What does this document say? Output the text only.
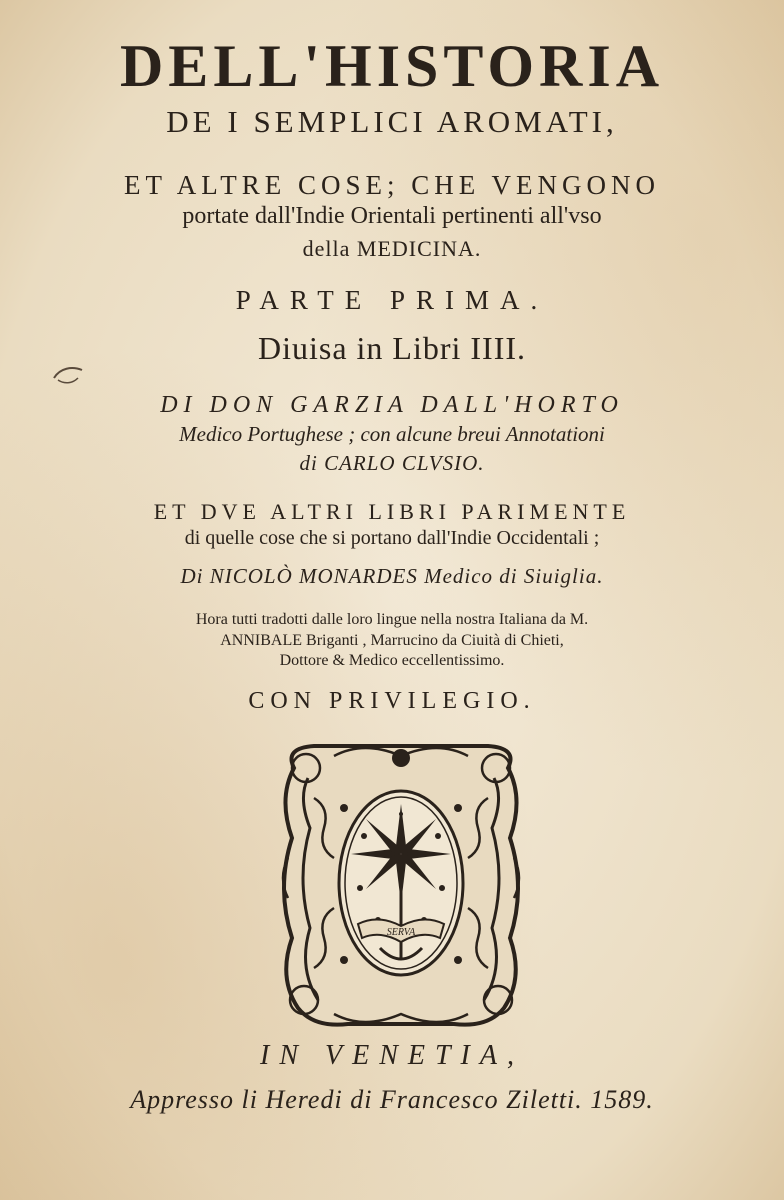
DELL'HISTORIA
DE I SEMPLICI AROMATI,
ET ALTRE COSE; CHE VENGONO
portate dall'Indie Orientali pertinenti all'vso
della MEDICINA.
PARTE PRIMA.
Diuisa in Libri IIII.
DI DON GARZIA DALL'HORTO
Medico Portughese ; con alcune breui Annotationi
di CARLO CLVSIO.
ET DVE ALTRI LIBRI PARIMENTE
di quelle cose che si portano dall'Indie Occidentali ;
Di NICOLÒ MONARDES Medico di Siuiglia.
Hora tutti tradotti dalle loro lingue nella nostra Italiana da M.
ANNIBALE Briganti , Marrucino da Ciuità di Chieti,
Dottore & Medico eccellentissimo.
CON PRIVILEGIO.
SERVA
IN VENETIA,
Appresso li Heredi di Francesco Ziletti. 1589.
